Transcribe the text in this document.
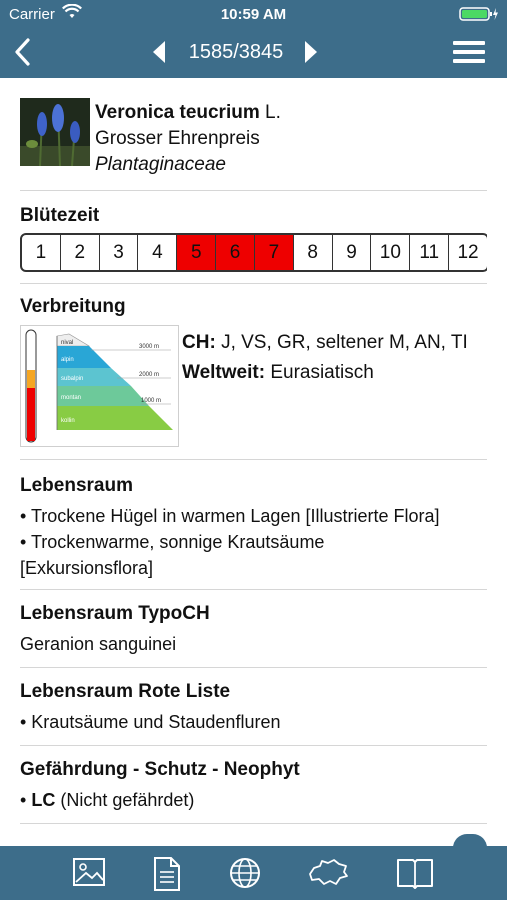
Carrier	10:59 AM
1585/3845
Veronica teucrium L.
Grosser Ehrenpreis
Plantaginaceae
Blütezeit
1	2	3	4	5	6	7	8	9	10 11 12
Verbreitung
nival
alpin
subalpin
montan
kollin
3000 m
2000 m
1000 m
CH: J, VS, GR, seltener M, AN, TI
Weltweit: Eurasiatisch
Lebensraum
• Trockene Hügel in warmen Lagen [Illustrierte Flora]
• Trockenwarme, sonnige Krautsäume
[Exkursionsflora]
Lebensraum TypoCH
Geranion sanguinei
Lebensraum Rote Liste
• Krautsäume und Staudenfluren
Gefährdung - Schutz - Neophyt
• LC (Nicht gefährdet)
